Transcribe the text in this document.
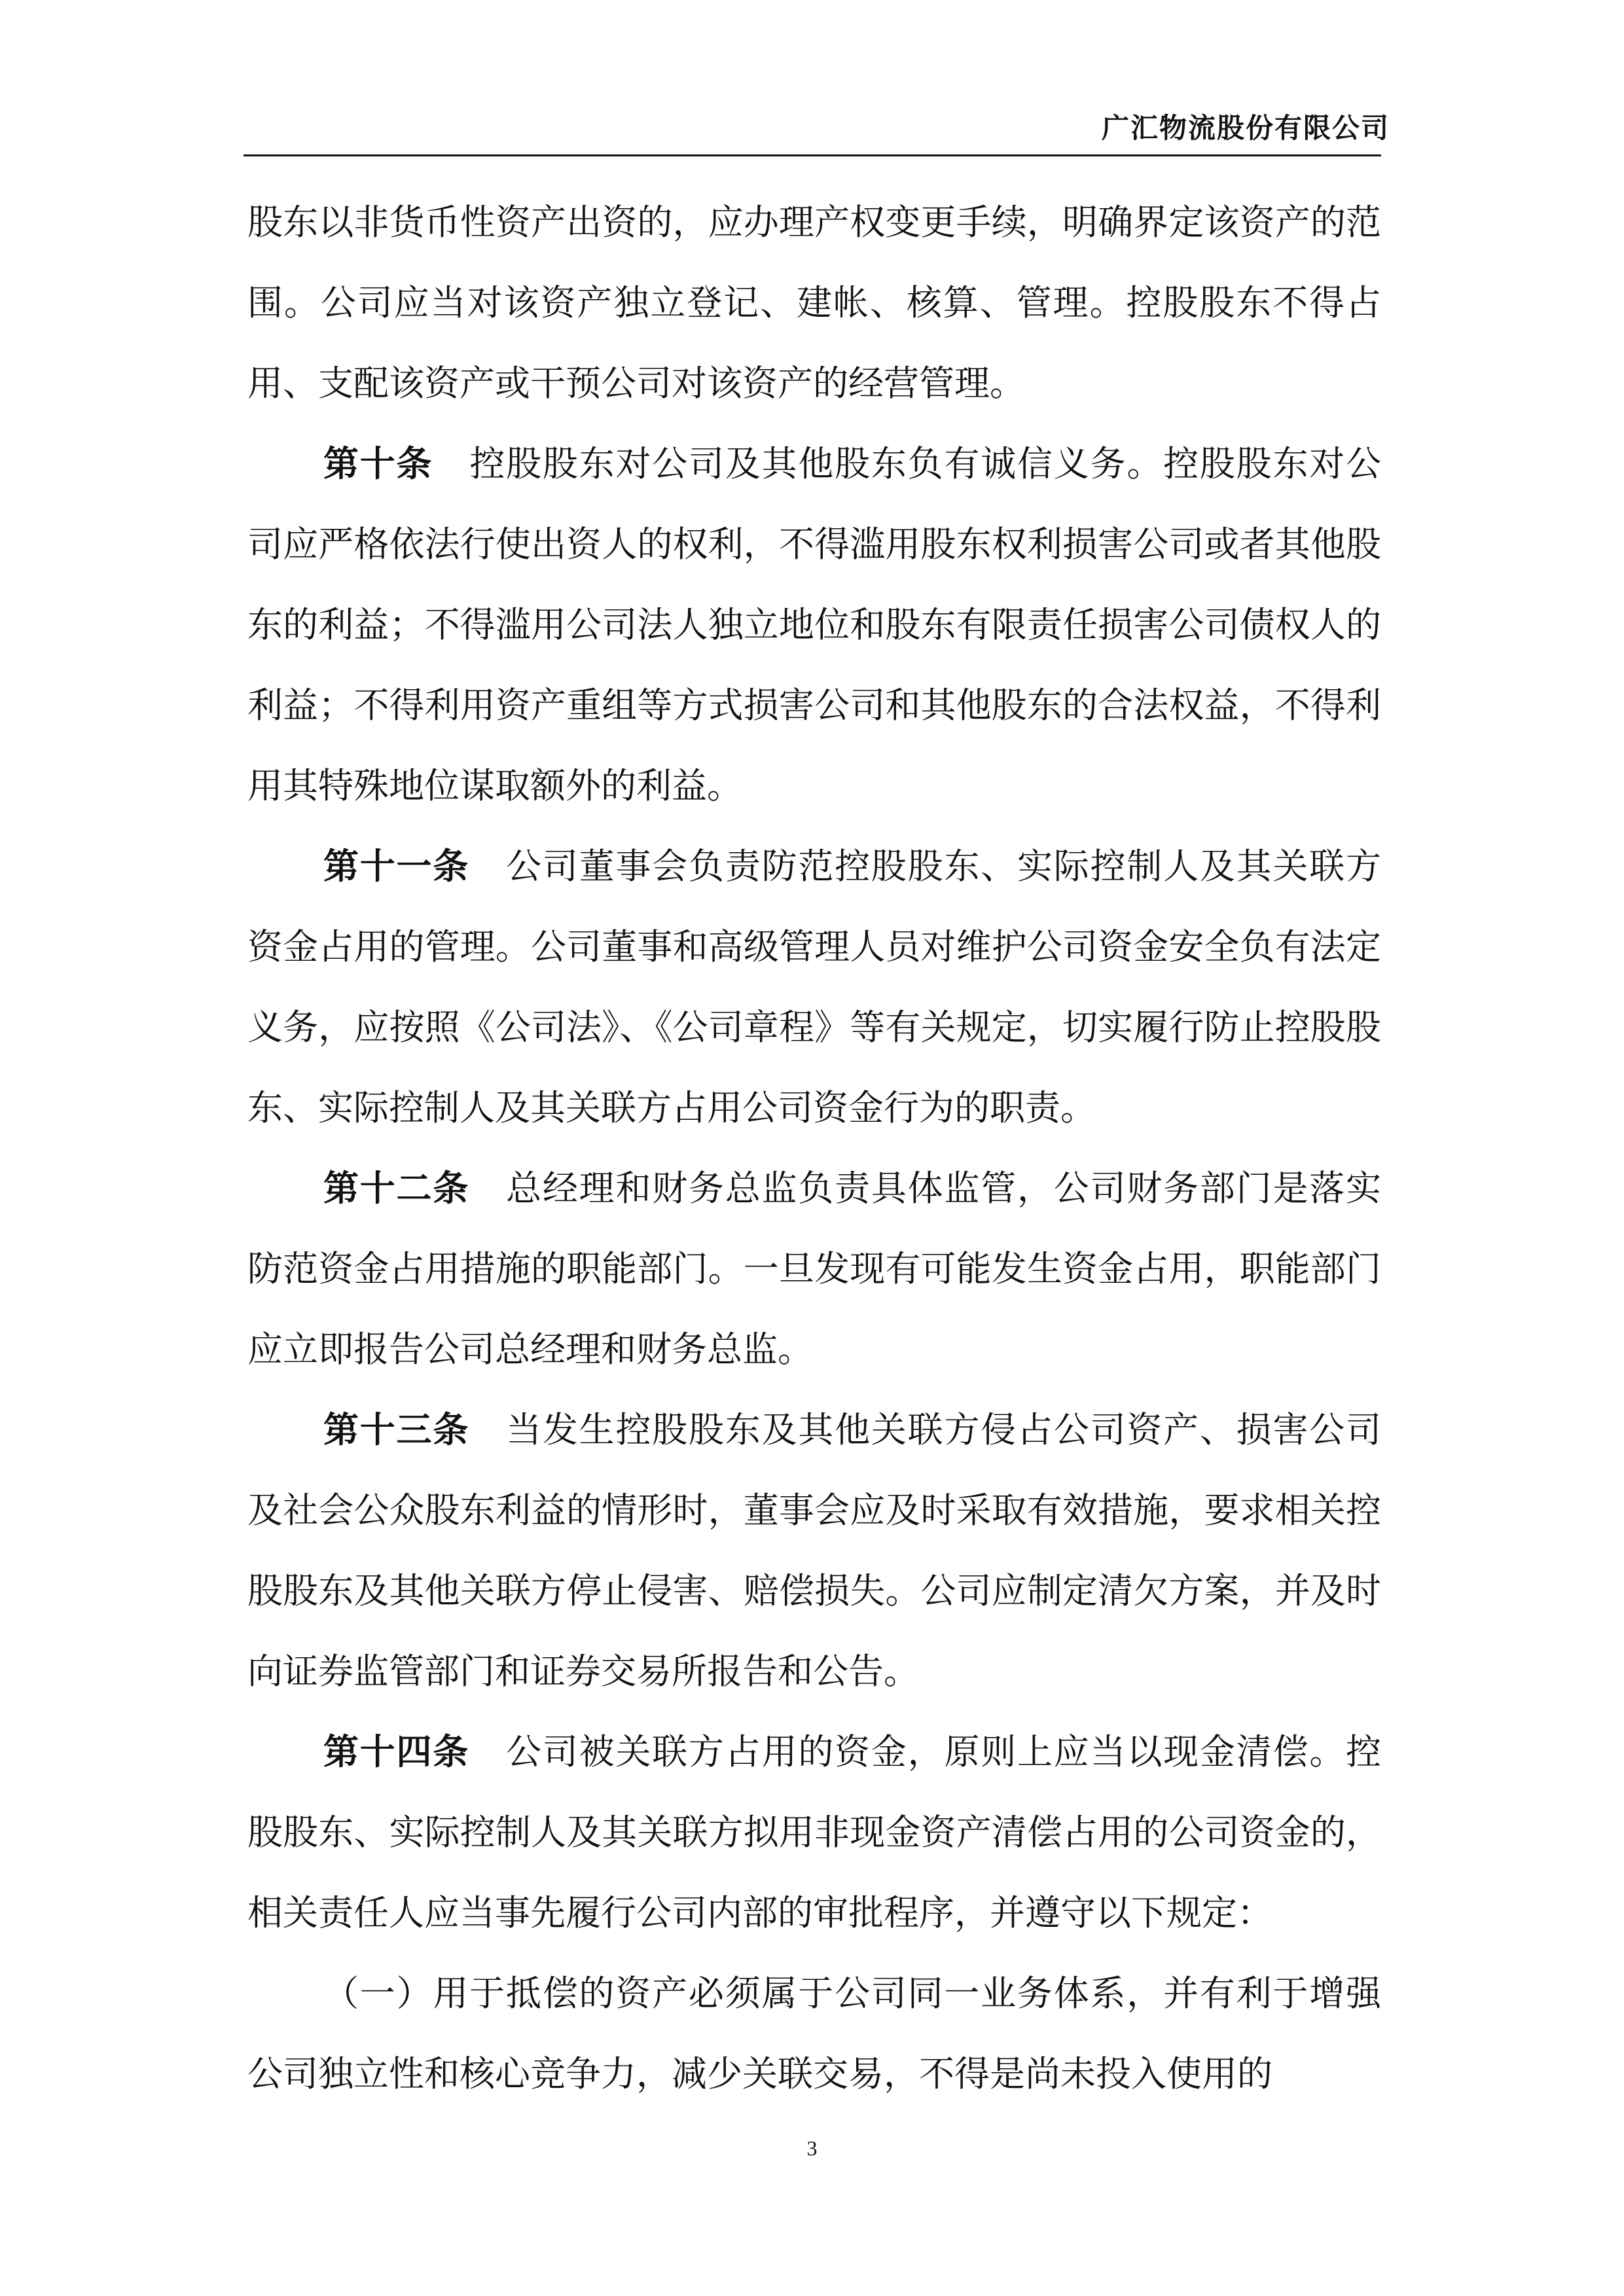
广汇物流股份有限公司

股东以非货币性资产出资的，应办理产权变更手续，明确界定该资产的范围。公司应当对该资产独立登记、建帐、核算、管理。控股股东不得占用、支配该资产或干预公司对该资产的经营管理。

第十条 控股股东对公司及其他股东负有诚信义务。控股股东对公司应严格依法行使出资人的权利，不得滥用股东权利损害公司或者其他股东的利益；不得滥用公司法人独立地位和股东有限责任损害公司债权人的利益；不得利用资产重组等方式损害公司和其他股东的合法权益，不得利用其特殊地位谋取额外的利益。

第十一条 公司董事会负责防范控股股东、实际控制人及其关联方资金占用的管理。公司董事和高级管理人员对维护公司资金安全负有法定义务，应按照《公司法》、《公司章程》等有关规定，切实履行防止控股股东、实际控制人及其关联方占用公司资金行为的职责。

第十二条 总经理和财务总监负责具体监管，公司财务部门是落实防范资金占用措施的职能部门。一旦发现有可能发生资金占用，职能部门应立即报告公司总经理和财务总监。

第十三条 当发生控股股东及其他关联方侵占公司资产、损害公司及社会公众股东利益的情形时，董事会应及时采取有效措施，要求相关控股股东及其他关联方停止侵害、赔偿损失。公司应制定清欠方案，并及时向证券监管部门和证券交易所报告和公告。

第十四条 公司被关联方占用的资金，原则上应当以现金清偿。控股股东、实际控制人及其关联方拟用非现金资产清偿占用的公司资金的，相关责任人应当事先履行公司内部的审批程序，并遵守以下规定：

（一）用于抵偿的资产必须属于公司同一业务体系，并有利于增强公司独立性和核心竞争力，减少关联交易，不得是尚未投入使用的

3
